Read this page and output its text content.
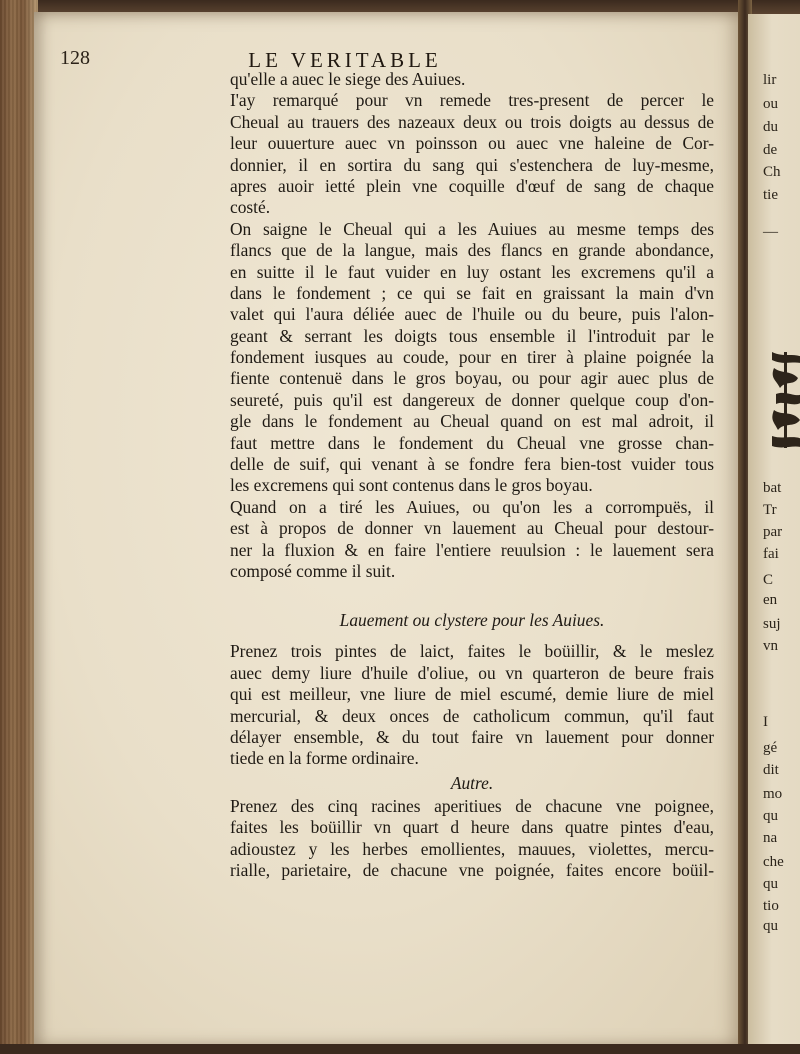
128	LE VERITABLE
qu'elle a auec le siege des Auiues.
I'ay remarqué pour vn remede tres-present de percer le
Cheual au trauers des nazeaux deux ou trois doigts au dessus de
leur ouuerture auec vn poinsson ou auec vne haleine de Cor-
donnier, il en sortira du sang qui s'estenchera de luy-mesme,
apres auoir ietté plein vne coquille d'œuf de sang de chaque
costé.
On saigne le Cheual qui a les Auiues au mesme temps des
flancs que de la langue, mais des flancs en grande abondance,
en suitte il le faut vuider en luy ostant les excremens qu'il a
dans le fondement ; ce qui se fait en graissant la main d'vn
valet qui l'aura déliée auec de l'huile ou du beure, puis l'alon-
geant & serrant les doigts tous ensemble il l'introduit par le
fondement iusques au coude, pour en tirer à plaine poignée la
fiente contenuë dans le gros boyau, ou pour agir auec plus de
seureté, puis qu'il est dangereux de donner quelque coup d'on-
gle dans le fondement au Cheual quand on est mal adroit, il
faut mettre dans le fondement du Cheual vne grosse chan-
delle de suif, qui venant à se fondre fera bien-tost vuider tous
les excremens qui sont contenus dans le gros boyau.
Quand on a tiré les Auiues, ou qu'on les a corrompuës, il
est à propos de donner vn lauement au Cheual pour destour-
ner la fluxion & en faire l'entiere reuulsion : le lauement sera
composé comme il suit.
Lauement ou clystere pour les Auiues.
Prenez trois pintes de laict, faites le boüillir, & le meslez
auec demy liure d'huile d'oliue, ou vn quarteron de beure frais
qui est meilleur, vne liure de miel escumé, demie liure de miel
mercurial, & deux onces de catholicum commun, qu'il faut
délayer ensemble, & du tout faire vn lauement pour donner
tiede en la forme ordinaire.
Autre.
Prenez des cinq racines aperitiues de chacune vne poignee,
faites les boüillir vn quart d heure dans quatre pintes d'eau,
adioustez y les herbes emollientes, mauues, violettes, mercu-
rialle, parietaire, de chacune vne poignée, faites encore boüil-
lir
ou
du
de
Ch
tie
—
bat
Tr
par
fai
C
en
suj
vn
I
gé
dit
mo
qu
na
che
qu
tio
qu
